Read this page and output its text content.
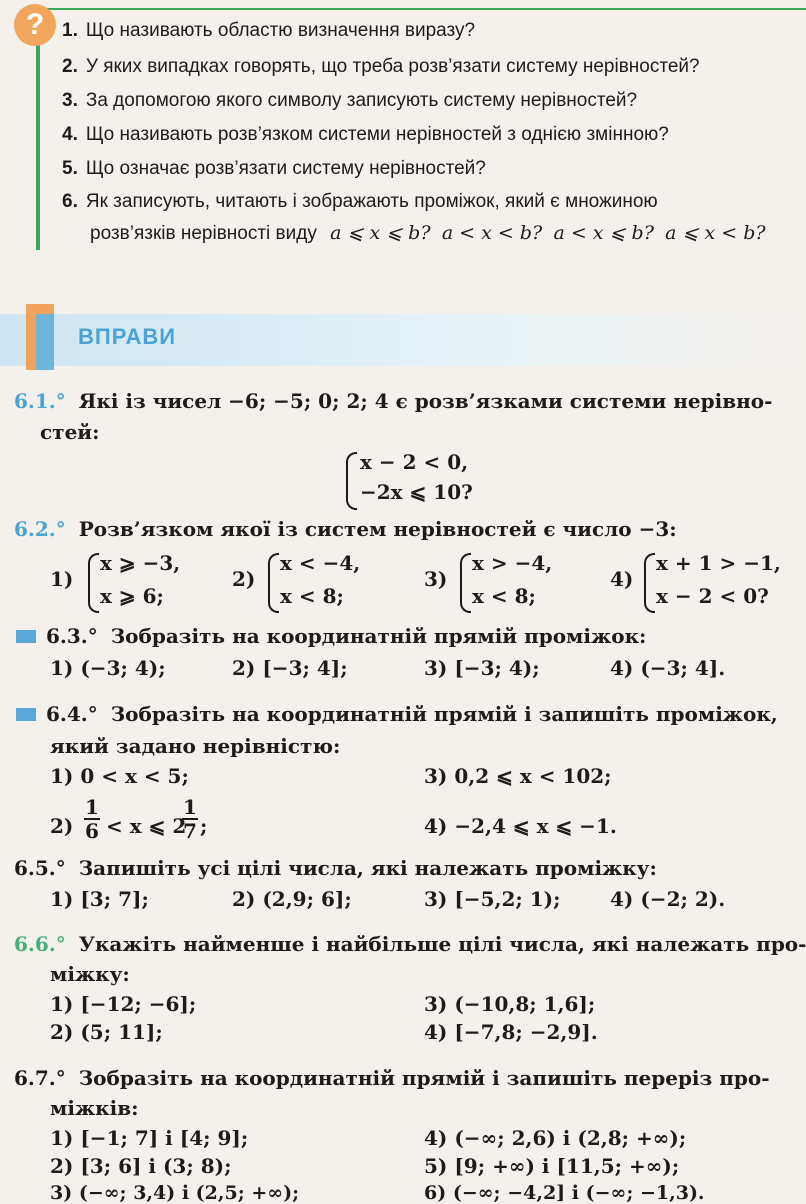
? 1. Що називають областю визначення виразу?
2. У яких випадках говорять, що треба розв’язати систему нерівностей?
3. За допомогою якого символу записують систему нерівностей?
4. Що називають розв’язком системи нерівностей з однією змінною?
5. Що означає розв’язати систему нерівностей?
6. Як записують, читають і зображають проміжок, який є множиною
розв’язків нерівності виду a ⩽ x ⩽ b? a < x < b? a < x ⩽ b? a ⩽ x < b?
ВПРАВИ
6.1.° Які із чисел −6; −5; 0; 2; 4 є розв’язками системи нерівно-
стей:
x − 2 < 0,
−2x ⩽ 10?
6.2.° Розв’язком якої із систем нерівностей є число −3:
1)
x ⩾ −3,
x ⩾ 6;
2)
x < −4,
x < 8;
3)
x > −4,
x < 8;
4)
x + 1 > −1,
x − 2 < 0?
6.3.° Зобразіть на координатній прямій проміжок:
1) (−3; 4);	2) [−3; 4];	3) [−3; 4);	4) (−3; 4].
6.4.° Зобразіть на координатній прямій і запишіть проміжок,
який задано нерівністю:
1) 0 < x < 5;	3) 0,2 ⩽ x < 102;
$2) \frac{1}{6} < x$ ⩽ 2
$\frac{1}{7}$ ;	4) −2,4 ⩽ x ⩽ −1.
6.5.° Запишіть усі цілі числа, які належать проміжку:
1) [3; 7];	2) (2,9; 6];	3) [−5,2; 1); 4) (−2; 2).
6.6.° Укажіть найменше і найбільше цілі числа, які належать про-
міжку:
1) [−12; −6];	3) (−10,8; 1,6];
2) (5; 11];	4) [−7,8; −2,9].
6.7.° Зобразіть на координатній прямій і запишіть переріз про-
міжків:
1) [−1; 7] і [4; 9];	4) (−∞; 2,6) і (2,8; +∞);
2) [3; 6] і (3; 8);	5) [9; +∞) і [11,5; +∞);
3) (−∞; 3,4) і (2,5; +∞);	6) (−∞; −4,2] і (−∞; −1,3).
